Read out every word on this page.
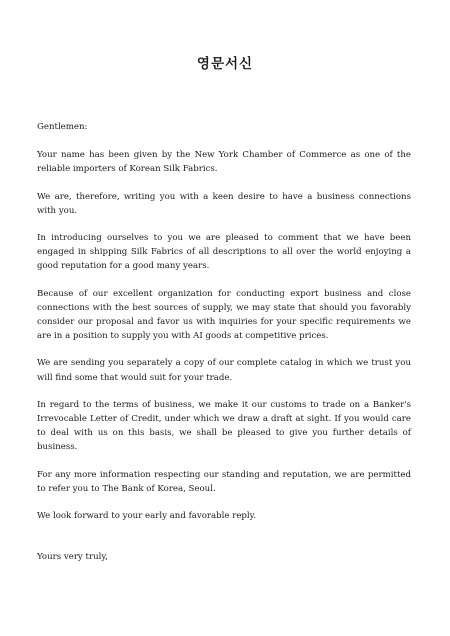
영문서신

Gentlemen:

Your name has been given by the New York Chamber of Commerce as one of the reliable importers of Korean Silk Fabrics.

We are, therefore, writing you with a keen desire to have a business connections with you.

In introducing ourselves to you we are pleased to comment that we have been engaged in shipping Silk Fabrics of all descriptions to all over the world enjoying a good reputation for a good many years.

Because of our excellent organization for conducting export business and close connections with the best sources of supply, we may state that should you favorably consider our proposal and favor us with inquiries for your specific requirements we are in a position to supply you with AI goods at competitive prices.

We are sending you separately a copy of our complete catalog in which we trust you will find some that would suit for your trade.

In regard to the terms of business, we make it our customs to trade on a Banker's Irrevocable Letter of Credit, under which we draw a draft at sight. If you would care to deal with us on this basis, we shall be pleased to give you further details of business.

For any more information respecting our standing and reputation, we are permitted to refer you to The Bank of Korea, Seoul.

We look forward to your early and favorable reply.

Yours very truly,
